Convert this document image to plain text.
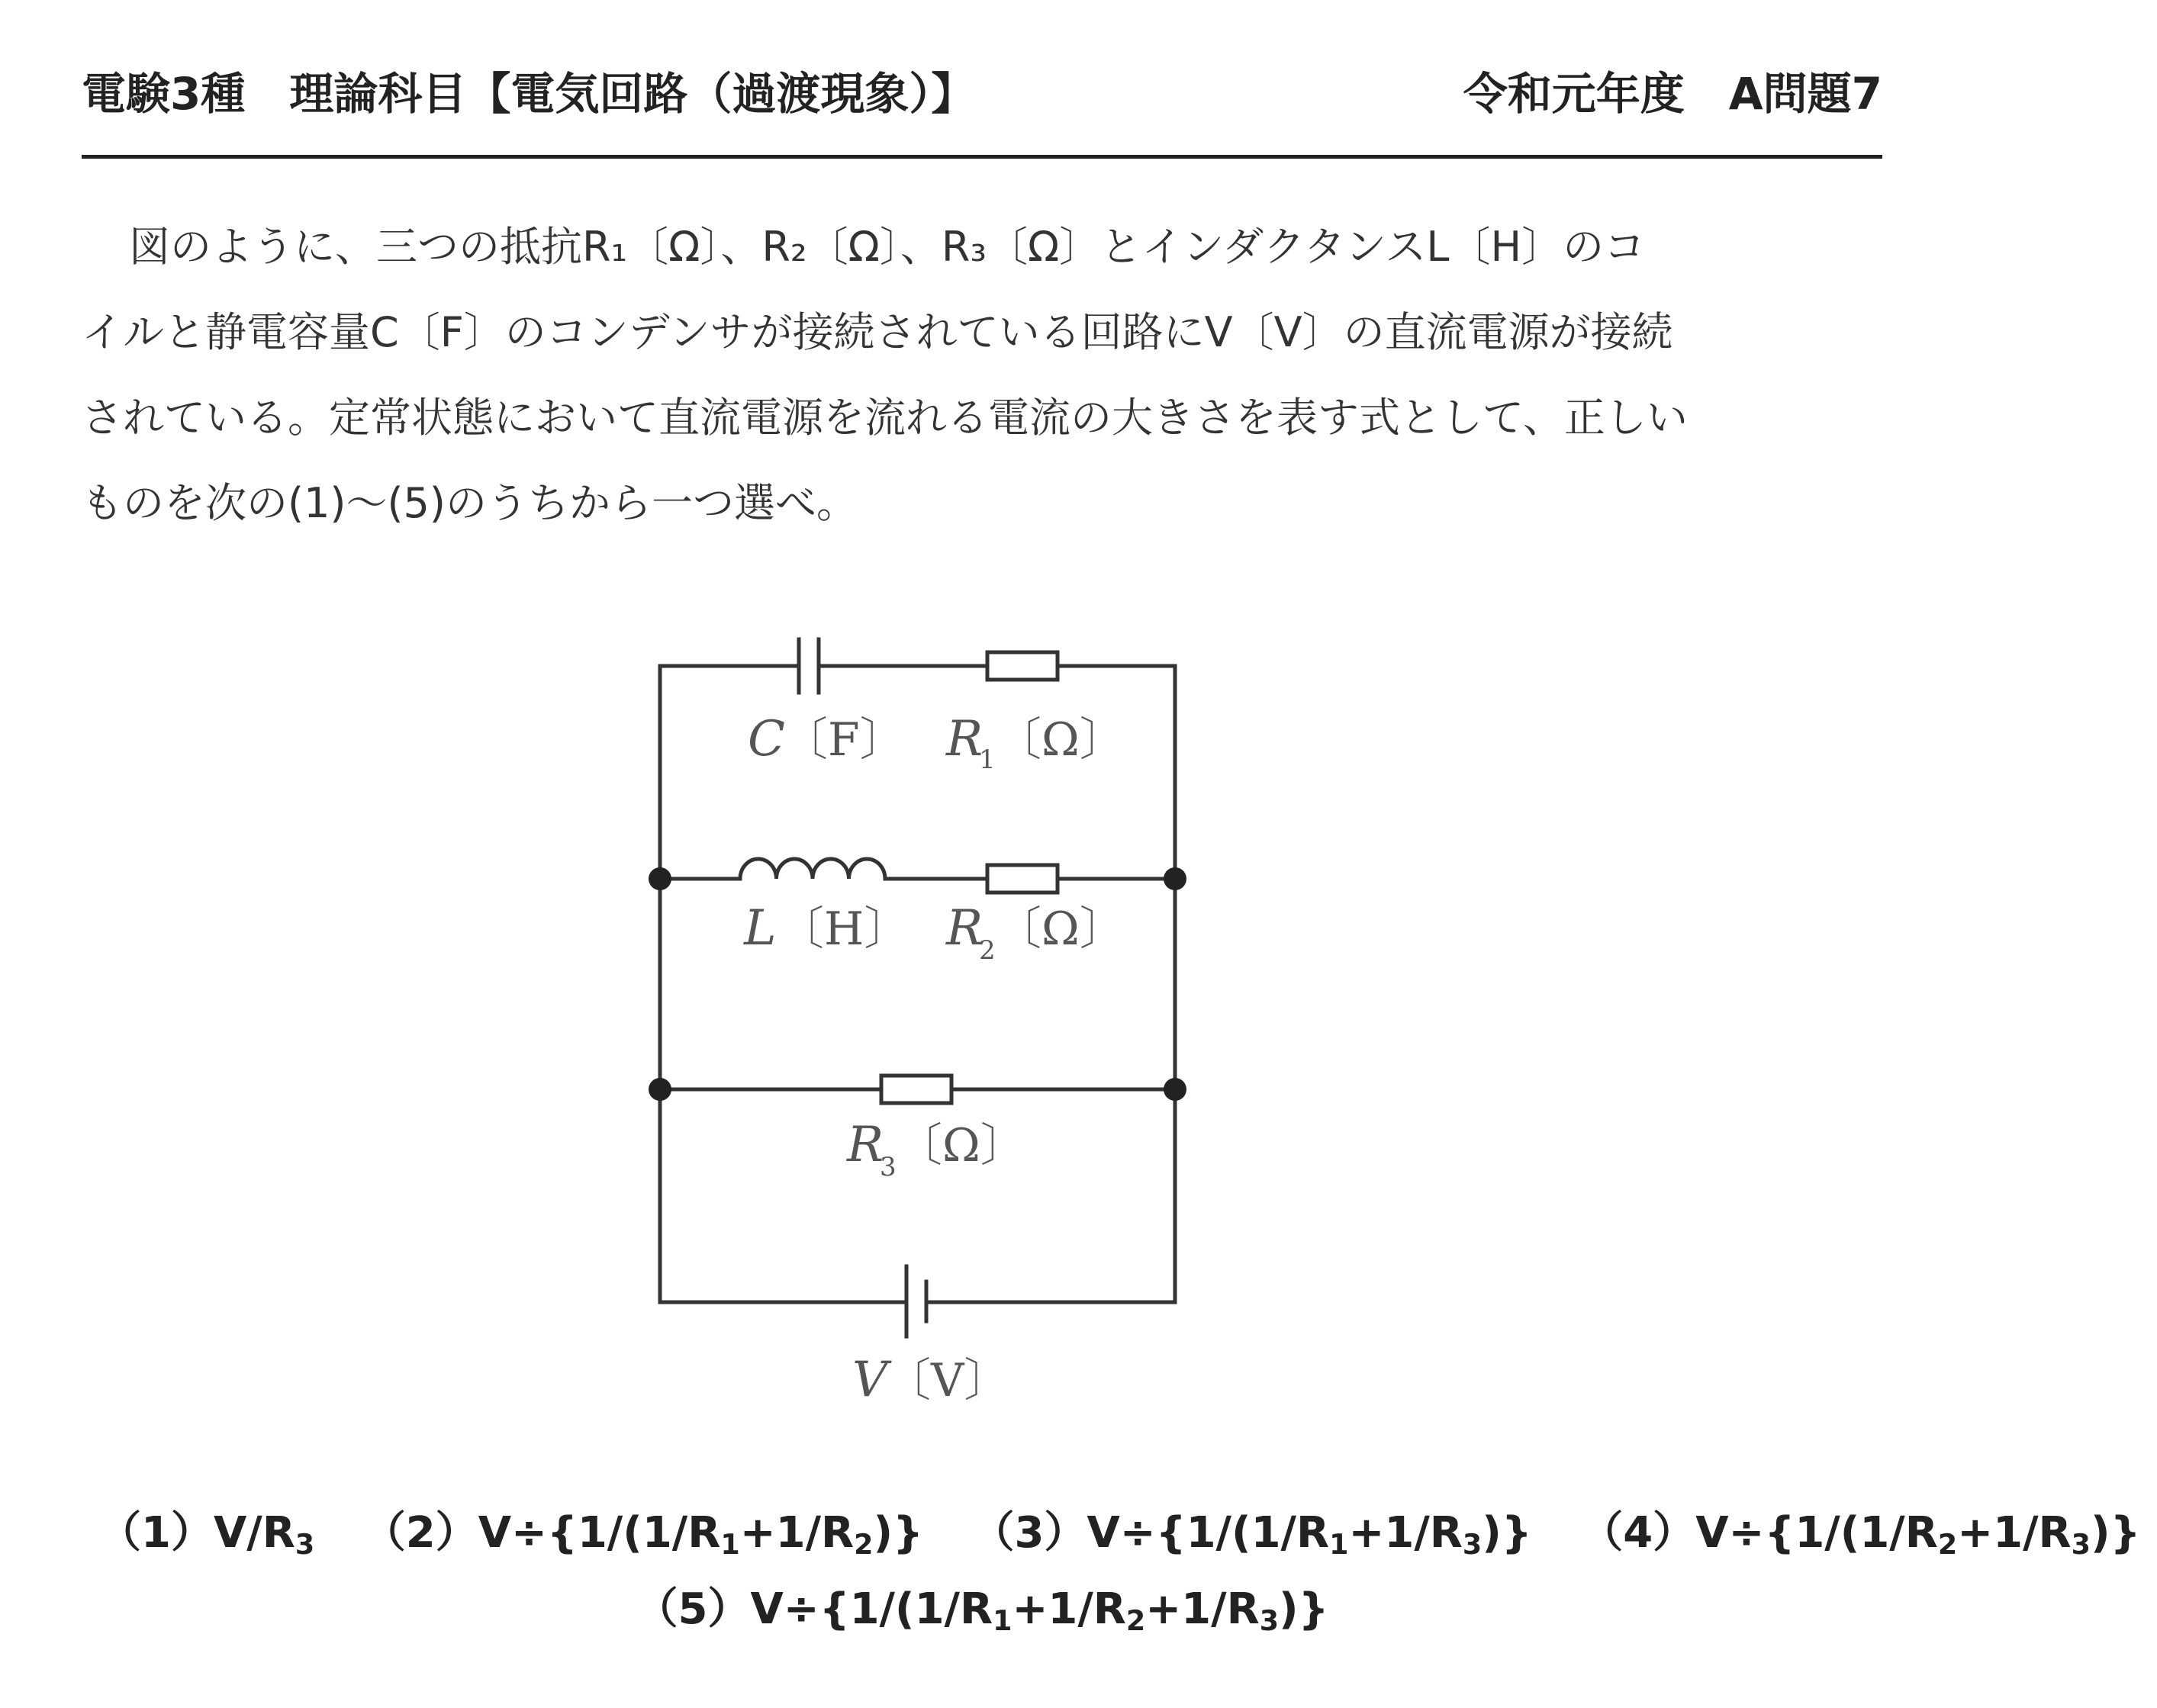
電験3種　理論科目【電気回路（過渡現象）】	令和元年度　A問題7
図のように、三つの抵抗R₁〔Ω〕、R₂〔Ω〕、R₃〔Ω〕とインダクタンスL〔H〕のコ
イルと静電容量C〔F〕のコンデンサが接続されている回路にV〔V〕の直流電源が接続
されている。定常状態において直流電源を流れる電流の大きさを表す式として、正しい
ものを次の(1)〜(5)のうちから一つ選べ。
C
〔F〕 R
1 〔Ω〕
L 〔H〕 R
2 〔Ω〕
R
3 〔Ω〕
V
〔V〕
$(1)V/R_3$ $(2)V\div\{1/(1/R_1+1/R_2)\}$ $(3)V\div\{1/(1/R_1+1/R_3)\}$ $(4)V\div\{1/(1/R_2+1/R_3)\}$
$(5)V\div\{1/(1/R_1+1/R_2+1/R_3)\}$
